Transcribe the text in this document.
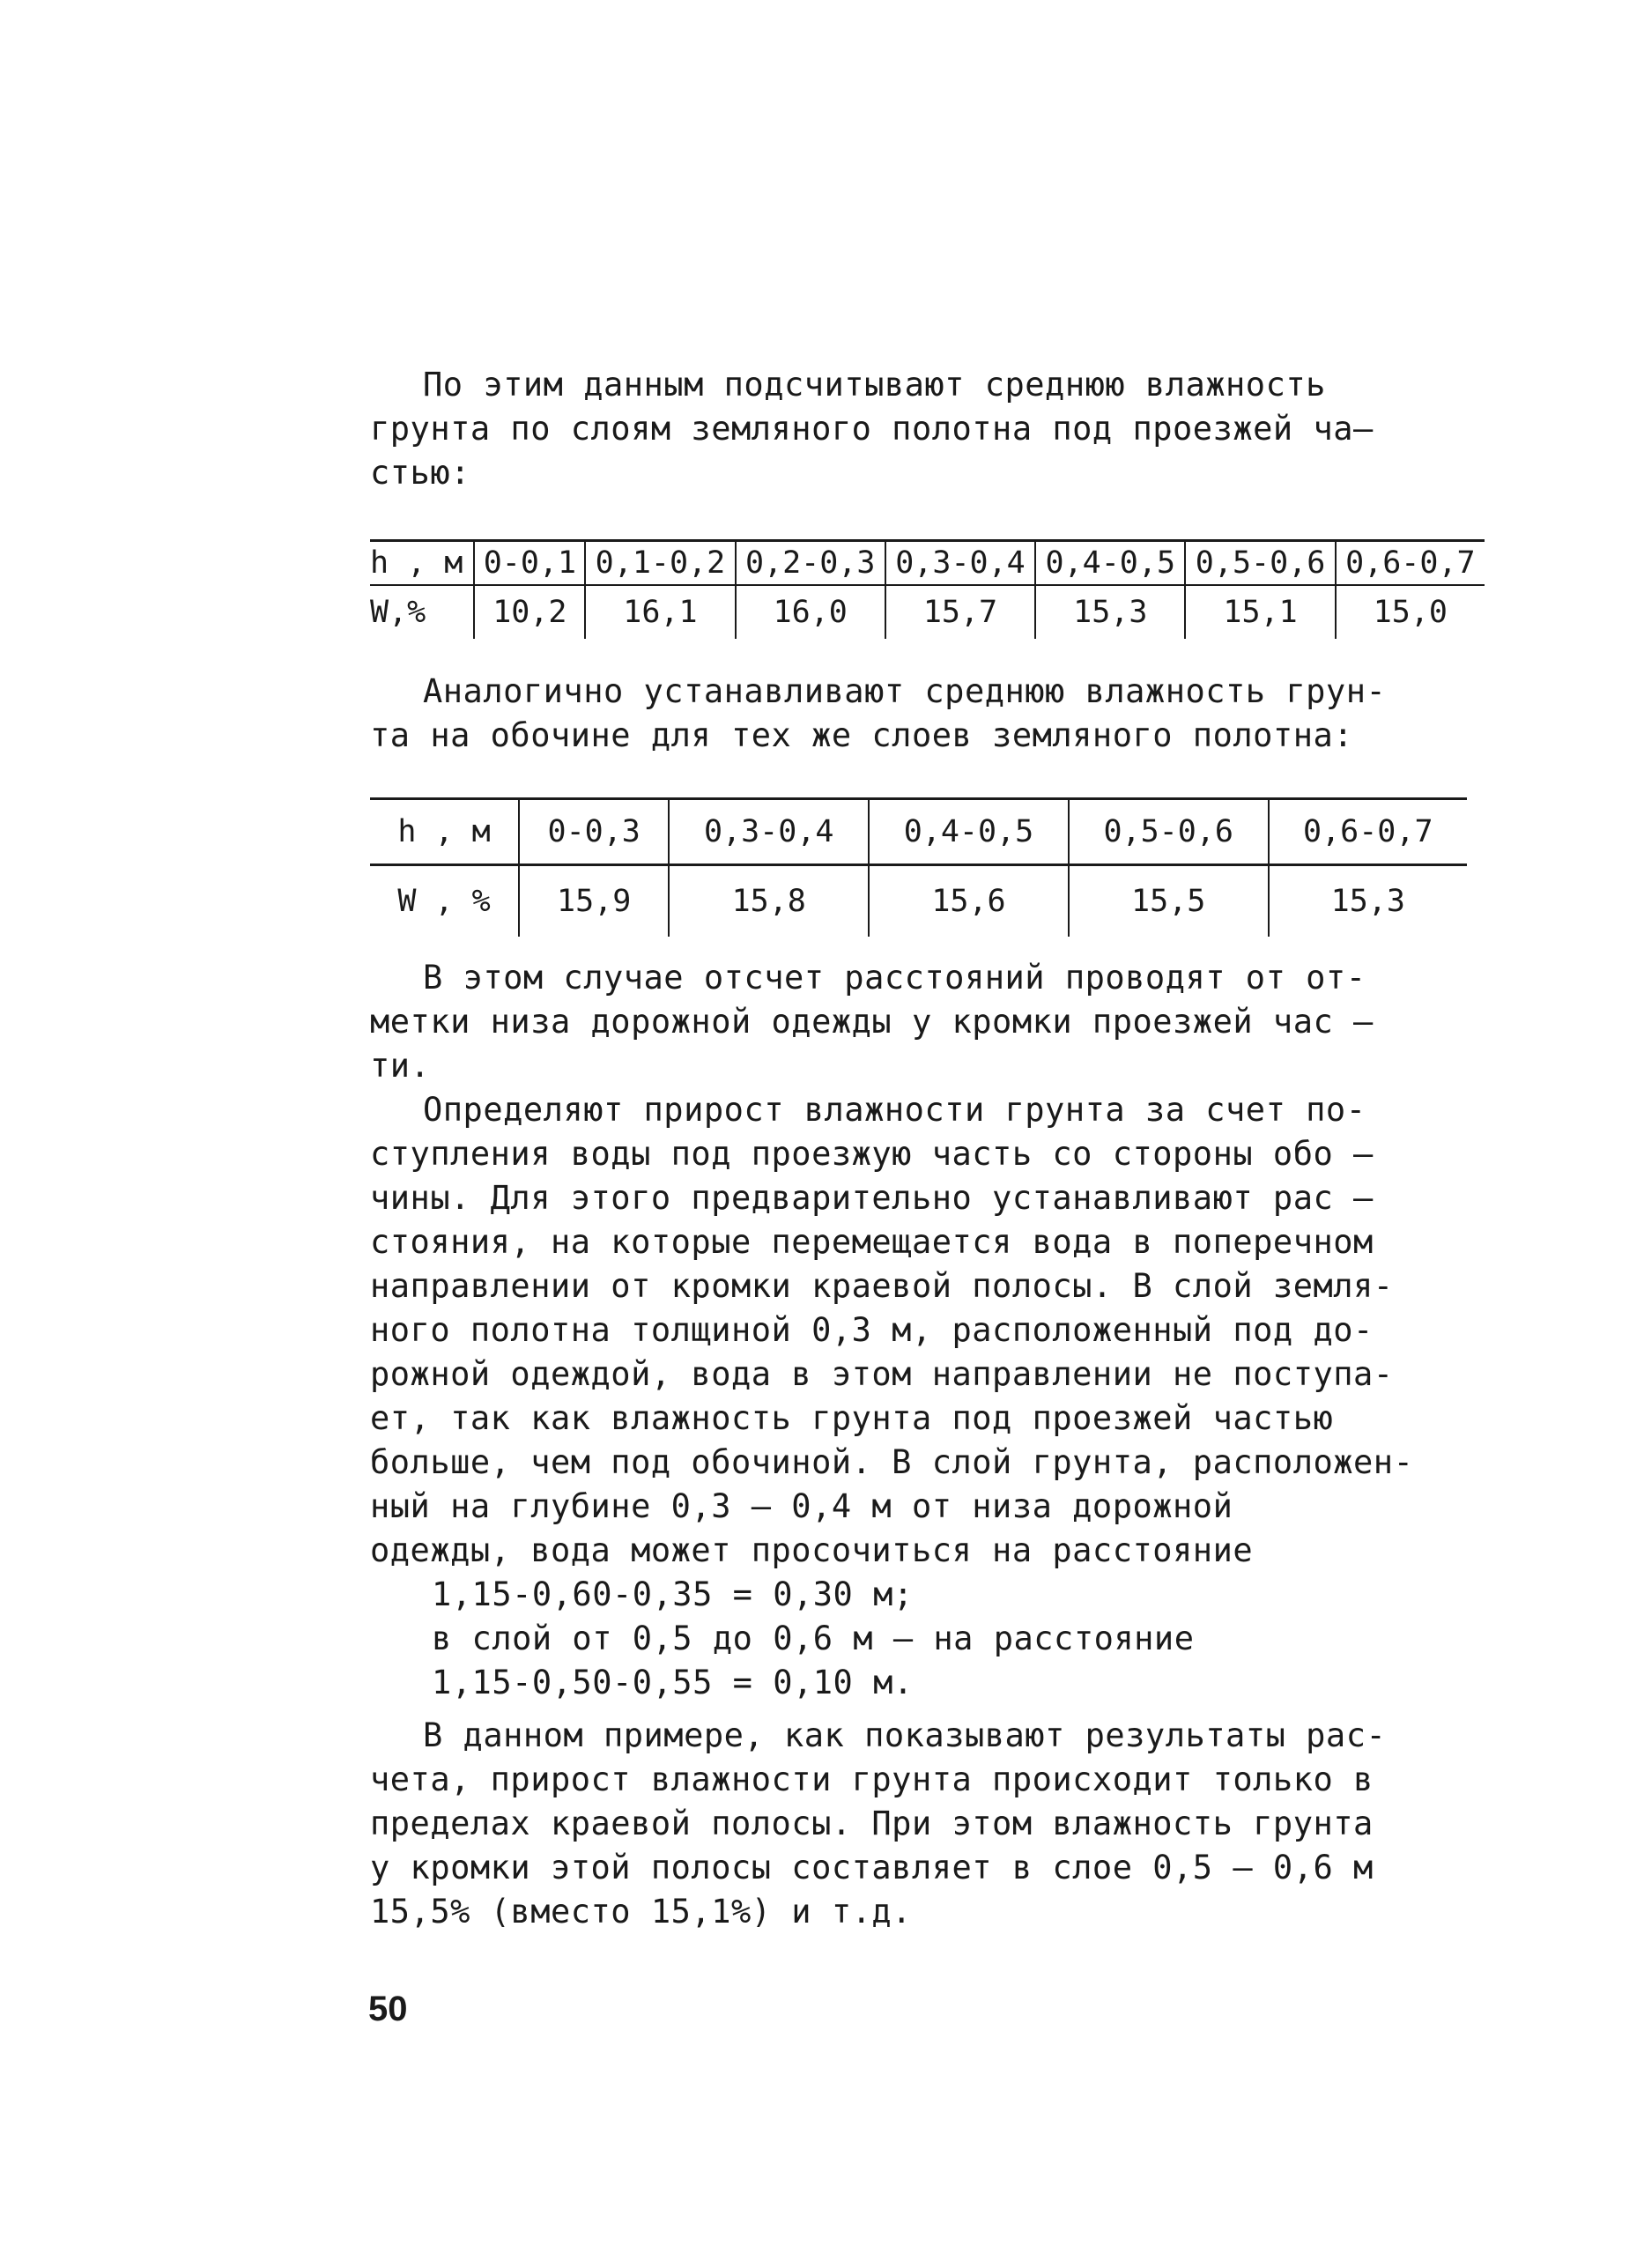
По этим данным подсчитывают среднюю влажность
грунта по слоям земляного полотна под проезжей ча–
стью:
h , м	0-0,1	0,1-0,2	0,2-0,3	0,3-0,4	0,4-0,5	0,5-0,6	0,6-0,7
W,%	10,2	16,1	16,0	15,7	15,3	15,1	15,0
Аналогично устанавливают среднюю влажность грун-
та на обочине для тех же слоев земляного полотна:
h , м	0-0,3	0,3-0,4	0,4-0,5	0,5-0,6	0,6-0,7
W , %	15,9	15,8	15,6	15,5	15,3
В этом случае отсчет расстояний проводят от от-
метки низа дорожной одежды у кромки проезжей час –
ти.
Определяют прирост влажности грунта за счет по-
ступления воды под проезжую часть со стороны обо –
чины. Для этого предварительно устанавливают рас –
стояния, на которые перемещается вода в поперечном
направлении от кромки краевой полосы. В слой земля-
ного полотна толщиной 0,3 м, расположенный под до-
рожной одеждой, вода в этом направлении не поступа-
ет, так как влажность грунта под проезжей частью
больше, чем под обочиной. В слой грунта, расположен-
ный на глубине 0,3 – 0,4 м от низа дорожной
одежды, вода может просочиться на расстояние
1,15-0,60-0,35 = 0,30 м;
в слой от 0,5 до 0,6 м – на расстояние
1,15-0,50-0,55 = 0,10 м.
В данном примере, как показывают результаты рас-
чета, прирост влажности грунта происходит только в
пределах краевой полосы. При этом влажность грунта
у кромки этой полосы составляет в слое 0,5 – 0,6 м
15,5% (вместо 15,1%) и т.д.
50
